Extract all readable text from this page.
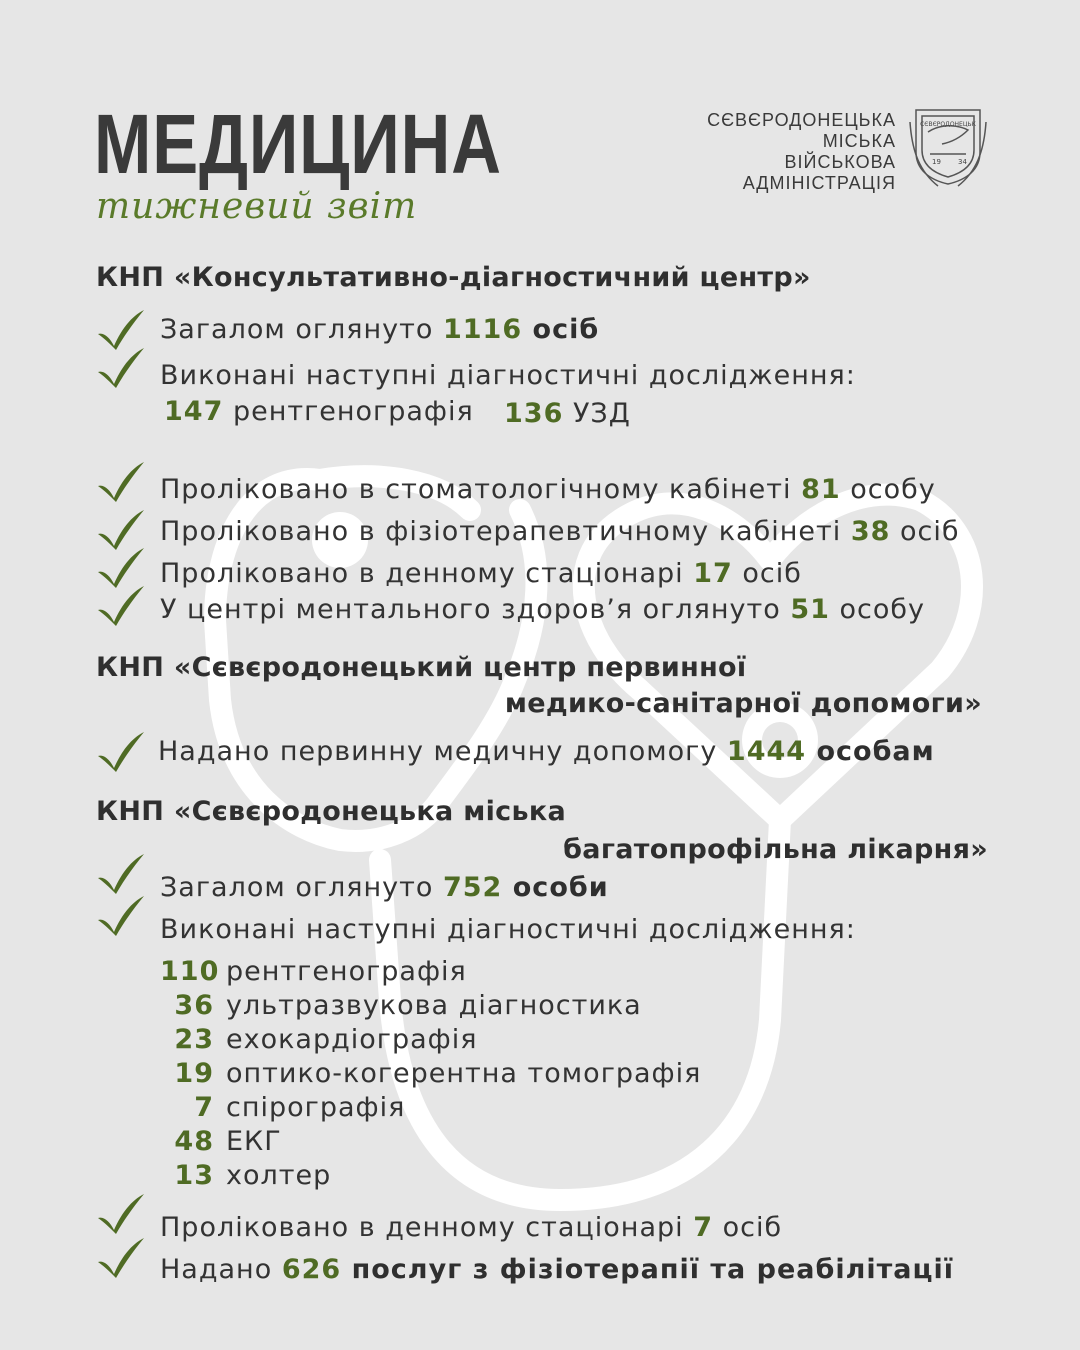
МЕДИЦИНА
тижневий звіт
СЄВЄРОДОНЕЦЬКА
МІСЬКА
ВІЙСЬКОВА
АДМІНІСТРАЦІЯ
СЄВЄРОДОНЕЦЬК
19 34
КНП «Консультативно-діагностичний центр»
Загалом оглянуто 1116 осіб
Виконані наступні діагностичні дослідження:
147 рентгенографія 136 УЗД
Проліковано в стоматологічному кабінеті 81 особу
Проліковано в фізіотерапевтичному кабінеті 38 осіб
Проліковано в денному стаціонарі 17 осіб
У центрі ментального здоров’я оглянуто 51 особу
КНП «Сєвєродонецький центр первинної
медико-санітарної допомоги»
Надано первинну медичну допомогу 1444 особам
КНП «Сєвєродонецька міська
багатопрофільна лікарня»
Загалом оглянуто 752 особи
Виконані наступні діагностичні дослідження:
110 рентгенографія
36 ультразвукова діагностика
23 ехокардіографія
19 оптико-когерентна томографія
7 спірографія
48 ЕКГ
13 холтер
Проліковано в денному стаціонарі 7 осіб
Надано 626 послуг з фізіотерапії та реабілітації
